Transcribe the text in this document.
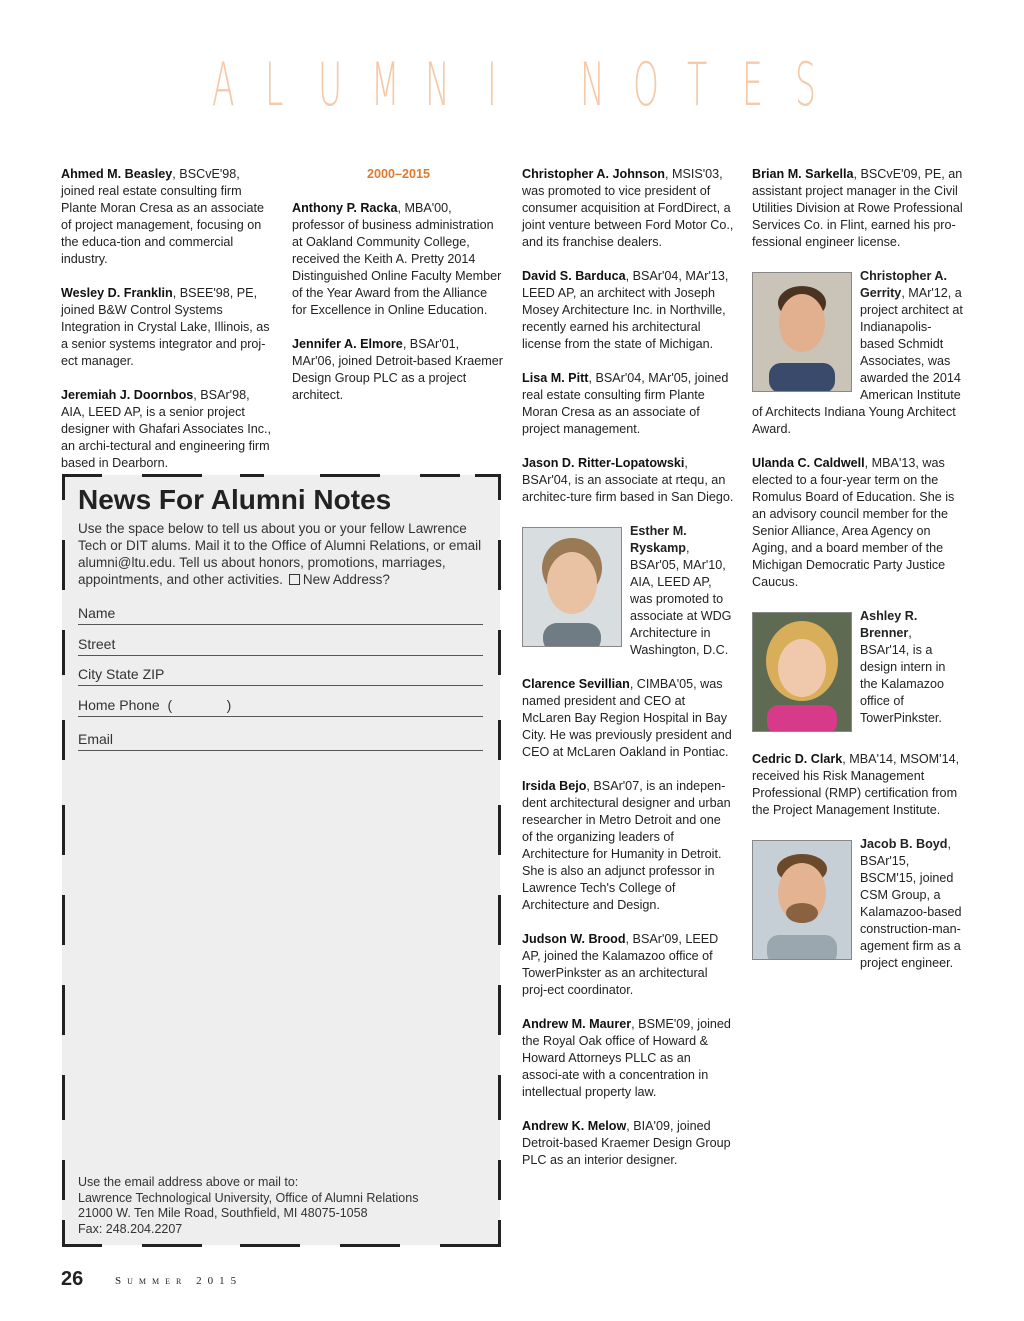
A L U M N I N O T E S

Ahmed M. Beasley, BSCvE'98, joined real estate consulting firm Plante Moran Cresa as an associate of project management, focusing on the educa-tion and commercial industry.

Wesley D. Franklin, BSEE'98, PE, joined B&W Control Systems Integration in Crystal Lake, Illinois, as a senior systems integrator and proj-ect manager.

Jeremiah J. Doornbos, BSAr'98, AIA, LEED AP, is a senior project designer with Ghafari Associates Inc., an archi-tectural and engineering firm based in Dearborn.

2000–2015

Anthony P. Racka, MBA'00, professor of business administration at Oakland Community College, received the Keith A. Pretty 2014 Distinguished Online Faculty Member of the Year Award from the Alliance for Excellence in Online Education.

Jennifer A. Elmore, BSAr'01, MAr'06, joined Detroit-based Kraemer Design Group PLC as a project architect.

Christopher A. Johnson, MSIS'03, was promoted to vice president of consumer acquisition at FordDirect, a joint venture between Ford Motor Co., and its franchise dealers.

David S. Barduca, BSAr'04, MAr'13, LEED AP, an architect with Joseph Mosey Architecture Inc. in Northville, recently earned his architectural license from the state of Michigan.

Lisa M. Pitt, BSAr'04, MAr'05, joined real estate consulting firm Plante Moran Cresa as an associate of project management.

Jason D. Ritter-Lopatowski, BSAr'04, is an associate at rtequ, an architec-ture firm based in San Diego.

Esther M. Ryskamp, BSAr'05, MAr'10, AIA, LEED AP, was promoted to associate at WDG Architecture in Washington, D.C.

Clarence Sevillian, CIMBA'05, was named president and CEO at McLaren Bay Region Hospital in Bay City. He was previously president and CEO at McLaren Oakland in Pontiac.

Irsida Bejo, BSAr'07, is an indepen-dent architectural designer and urban researcher in Metro Detroit and one of the organizing leaders of Architecture for Humanity in Detroit. She is also an adjunct professor in Lawrence Tech's College of Architecture and Design.

Judson W. Brood, BSAr'09, LEED AP, joined the Kalamazoo office of TowerPinkster as an architectural proj-ect coordinator.

Andrew M. Maurer, BSME'09, joined the Royal Oak office of Howard & Howard Attorneys PLLC as an associ-ate with a concentration in intellectual property law.

Andrew K. Melow, BIA'09, joined Detroit-based Kraemer Design Group PLC as an interior designer.

Brian M. Sarkella, BSCvE'09, PE, an assistant project manager in the Civil Utilities Division at Rowe Professional Services Co. in Flint, earned his pro-fessional engineer license.

Christopher A. Gerrity, MAr'12, a project architect at Indianapolis-based Schmidt Associates, was awarded the 2014 American Institute of Architects Indiana Young Architect Award.

Ulanda C. Caldwell, MBA'13, was elected to a four-year term on the Romulus Board of Education. She is an advisory council member for the Senior Alliance, Area Agency on Aging, and a board member of the Michigan Democratic Party Justice Caucus.

Ashley R. Brenner, BSAr'14, is a design intern in the Kalamazoo office of TowerPinkster.

Cedric D. Clark, MBA'14, MSOM'14, received his Risk Management Professional (RMP) certification from the Project Management Institute.

Jacob B. Boyd, BSAr'15, BSCM'15, joined CSM Group, a Kalamazoo-based construction-man-agement firm as a project engineer.
News For Alumni Notes
Use the space below to tell us about you or your fellow Lawrence Tech or DIT alums. Mail it to the Office of Alumni Relations, or email alumni@ltu.edu. Tell us about honors, promotions, marriages, appointments, and other activities. New Address?
Name
Street
City State ZIP
Home Phone  (              )
Email
Use the email address above or mail to:
Lawrence Technological University, Office of Alumni Relations
21000 W. Ten Mile Road, Southfield, MI 48075-1058
Fax: 248.204.2207
26	Summer 2015
